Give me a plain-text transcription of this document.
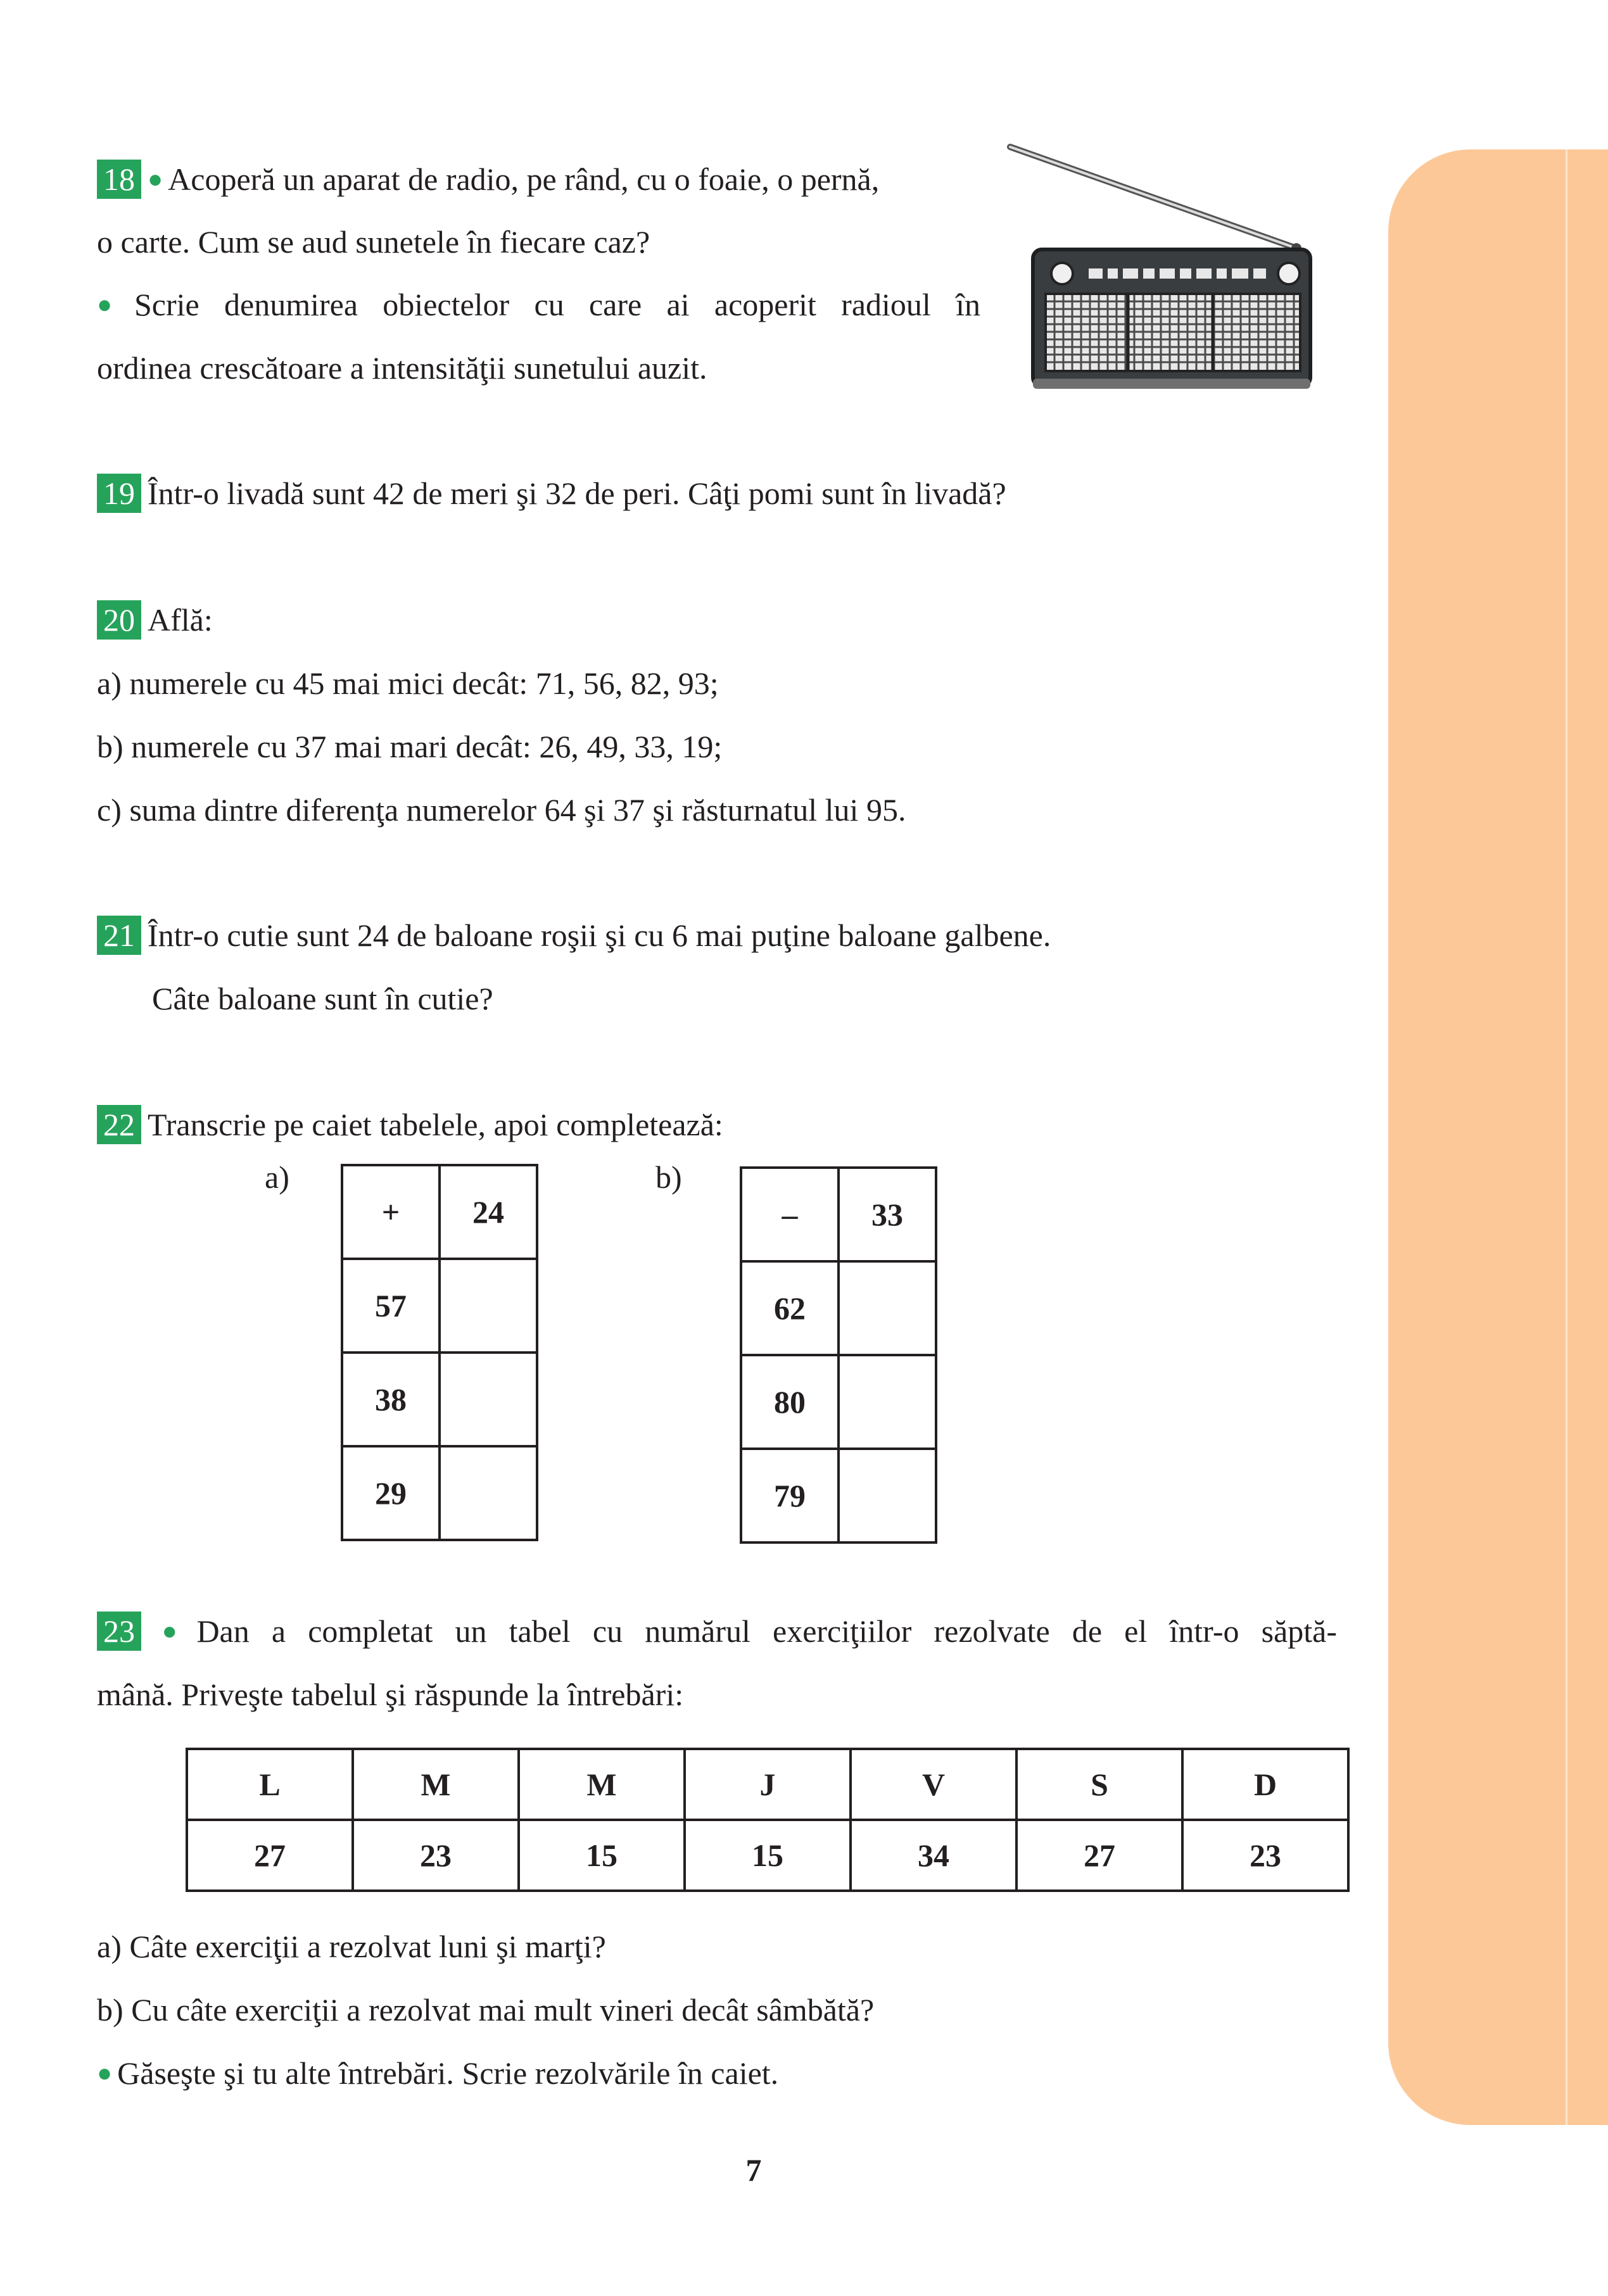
18 ● Acoperă un aparat de radio, pe rând, cu o foaie, o pernă,
o carte. Cum se aud sunetele în fiecare caz?
● Scrie denumirea obiectelor cu care ai acoperit radioul în
ordinea crescătoare a intensităţii sunetului auzit.
19 Într-o livadă sunt 42 de meri şi 32 de peri. Câţi pomi sunt în livadă?
20 Află:
a) numerele cu 45 mai mici decât: 71, 56, 82, 93;
b) numerele cu 37 mai mari decât: 26, 49, 33, 19;
c) suma dintre diferenţa numerelor 64 şi 37 şi răsturnatul lui 95.
21 Într-o cutie sunt 24 de baloane roşii şi cu 6 mai puţine baloane galbene.
Câte baloane sunt în cutie?
22 Transcrie pe caiet tabelele, apoi completează:
a)
+	24
57	
38	
29	
b)
–	33
62	
80	
79	
23 ● Dan a completat un tabel cu numărul exerciţiilor rezolvate de el într-o săptă-
mână. Priveşte tabelul şi răspunde la întrebări:
L	M	M	J	V	S	D
27	23	15	15	34	27	23
a) Câte exerciţii a rezolvat luni şi marţi?
b) Cu câte exerciţii a rezolvat mai mult vineri decât sâmbătă?
● Găseşte şi tu alte întrebări. Scrie rezolvările în caiet.
7
